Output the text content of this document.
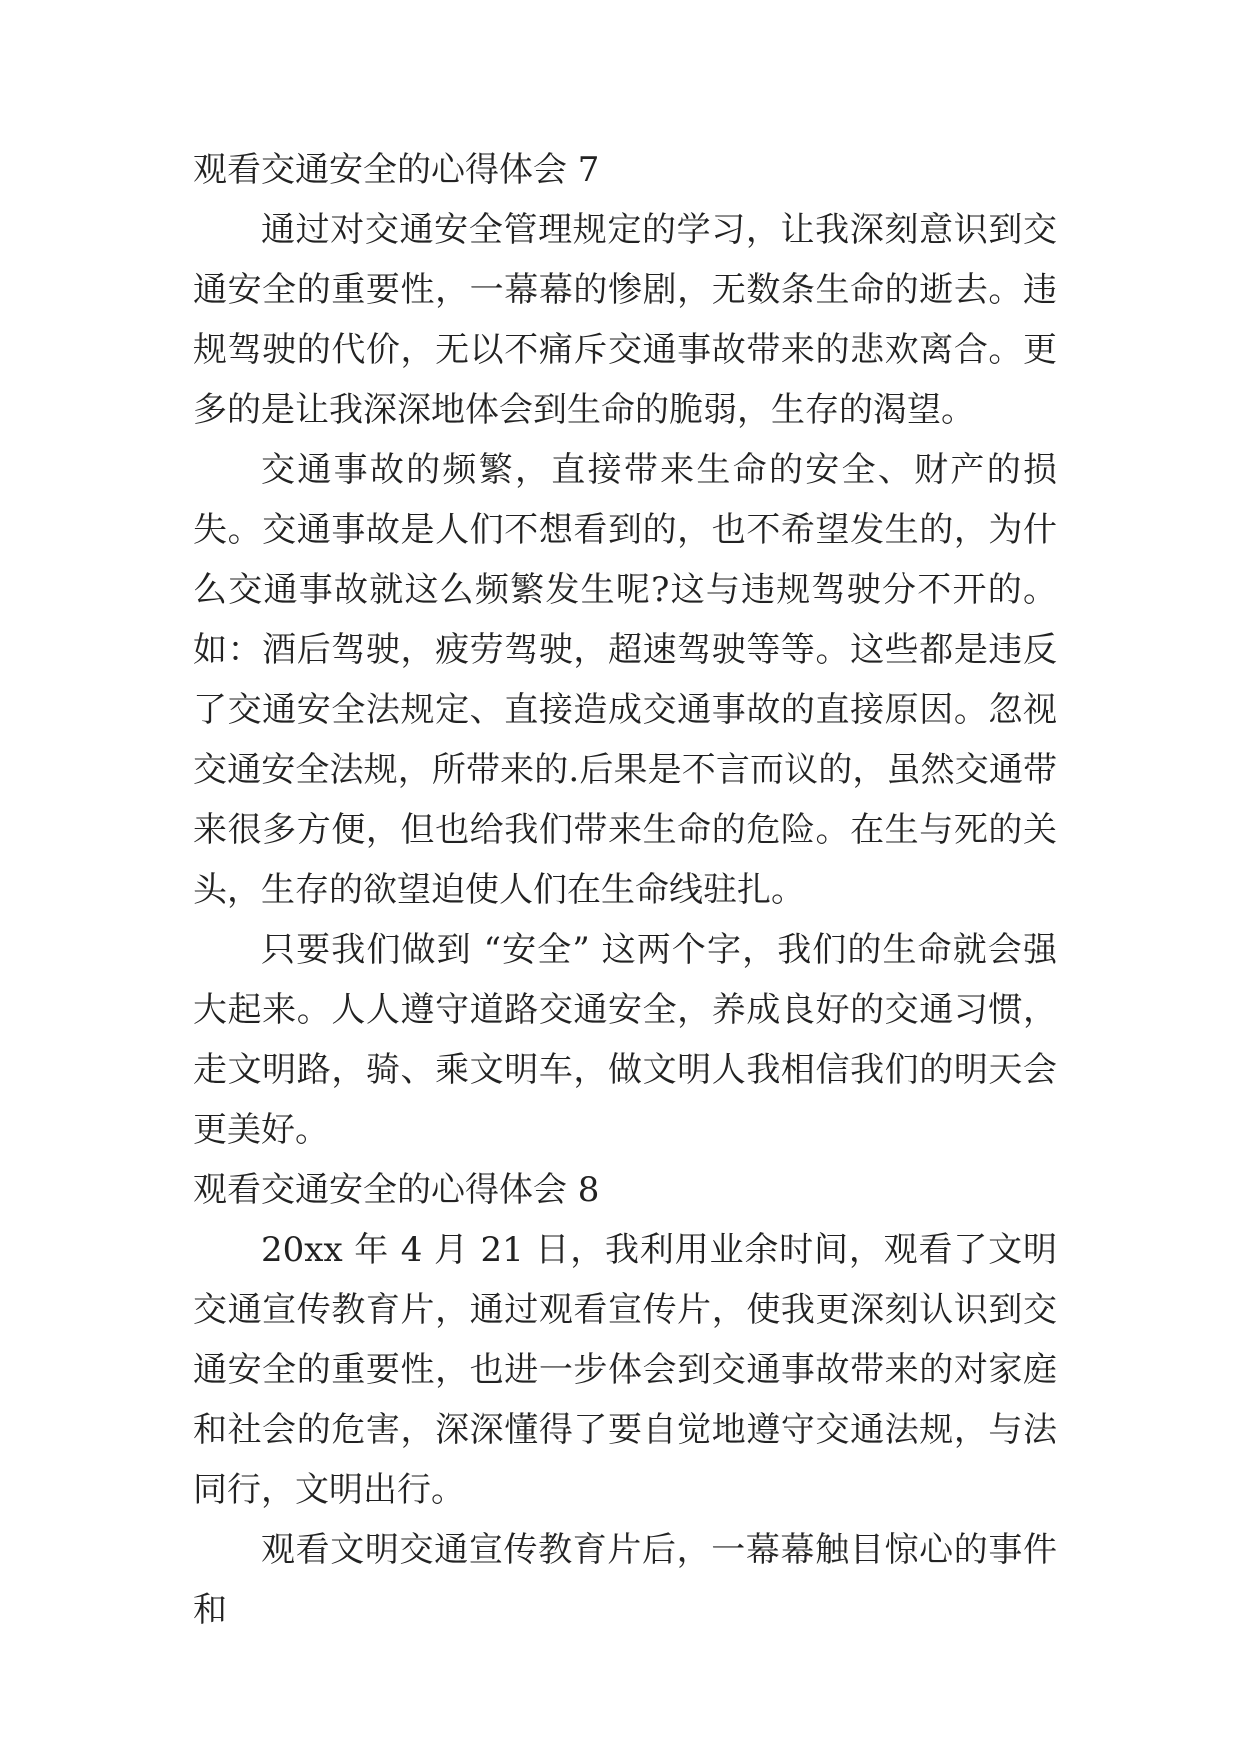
观看交通安全的心得体会 7

通过对交通安全管理规定的学习，让我深刻意识到交通安全的重要性，一幕幕的惨剧，无数条生命的逝去。违规驾驶的代价，无以不痛斥交通事故带来的悲欢离合。更多的是让我深深地体会到生命的脆弱，生存的渴望。

交通事故的频繁，直接带来生命的安全、财产的损失。交通事故是人们不想看到的，也不希望发生的，为什么交通事故就这么频繁发生呢?这与违规驾驶分不开的。如：酒后驾驶，疲劳驾驶，超速驾驶等等。这些都是违反了交通安全法规定、直接造成交通事故的直接原因。忽视交通安全法规，所带来的.后果是不言而议的，虽然交通带来很多方便，但也给我们带来生命的危险。在生与死的关头，生存的欲望迫使人们在生命线驻扎。

只要我们做到 “安全” 这两个字，我们的生命就会强大起来。人人遵守道路交通安全，养成良好的交通习惯，走文明路，骑、乘文明车，做文明人我相信我们的明天会更美好。

观看交通安全的心得体会 8

20xx 年 4 月 21 日，我利用业余时间，观看了文明交通宣传教育片，通过观看宣传片，使我更深刻认识到交通安全的重要性，也进一步体会到交通事故带来的对家庭和社会的危害，深深懂得了要自觉地遵守交通法规，与法同行，文明出行。

观看文明交通宣传教育片后，一幕幕触目惊心的事件和
